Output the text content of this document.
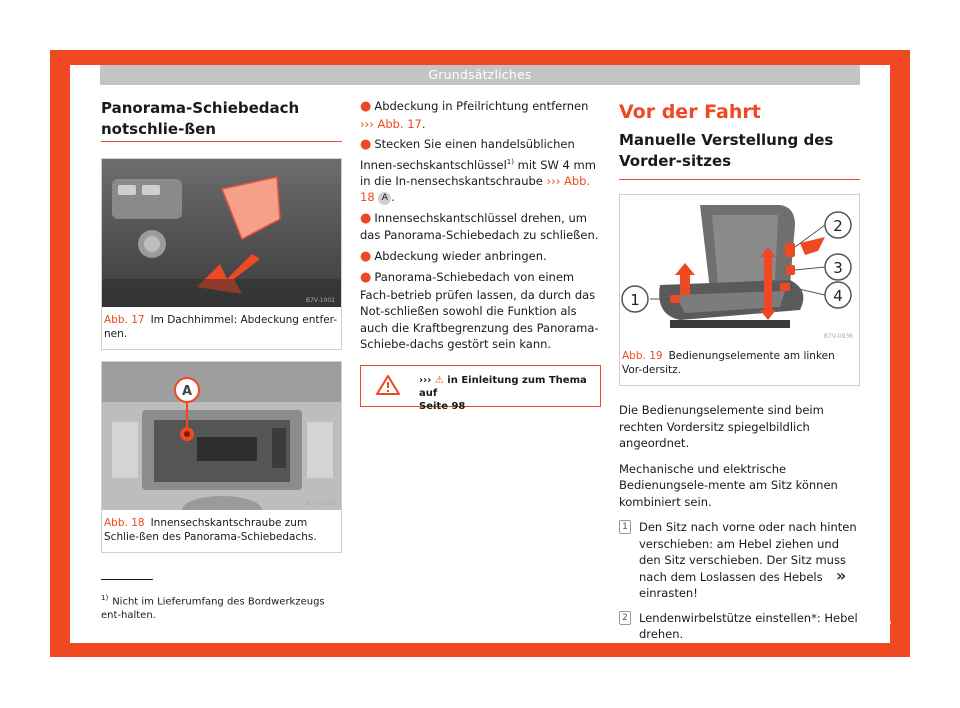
Grundsätzliches
Panorama-Schiebedach notschlie-ßen
B7V-1002
Abb. 17 Im Dachhimmel: Abdeckung entfer-nen.
A
B7V-1003
Abb. 18 Innensechskantschraube zum Schlie-ßen des Panorama-Schiebedachs.
$^{1)}$ Nicht im Lieferumfang des Bordwerkzeugs ent-halten.
● Abdeckung in Pfeilrichtung entfernen
››› Abb. 17.
● Stecken Sie einen handelsüblichen Innen-sechskantschlüssel$^{1)}$ mit SW 4 mm in die In-nensechskantschraube ››› Abb. 18 A .
● Innensechskantschlüssel drehen, um das Panorama-Schiebedach zu schließen.
● Abdeckung wieder anbringen.
● Panorama-Schiebedach von einem Fach-betrieb prüfen lassen, da durch das Not-schließen sowohl die Funktion als auch die Kraftbegrenzung des Panorama-Schiebe-dachs gestört sein kann.
››› ⚠ in Einleitung zum Thema auf
Seite 98
Vor der Fahrt
Manuelle Verstellung des Vorder-sitzes
1
2
3
4
B7V-0936
Abb. 19 Bedienungselemente am linken Vor-dersitz.
Die Bedienungselemente sind beim rechten Vordersitz spiegelbildlich angeordnet.
Mechanische und elektrische Bedienungsele-mente am Sitz können kombiniert sein.
1 Den Sitz nach vorne oder nach hinten verschieben: am Hebel ziehen und den Sitz verschieben. Der Sitz muss nach dem Loslassen des Hebels einrasten!
2 Lendenwirbelstütze einstellen*: Hebel drehen.
»
15
